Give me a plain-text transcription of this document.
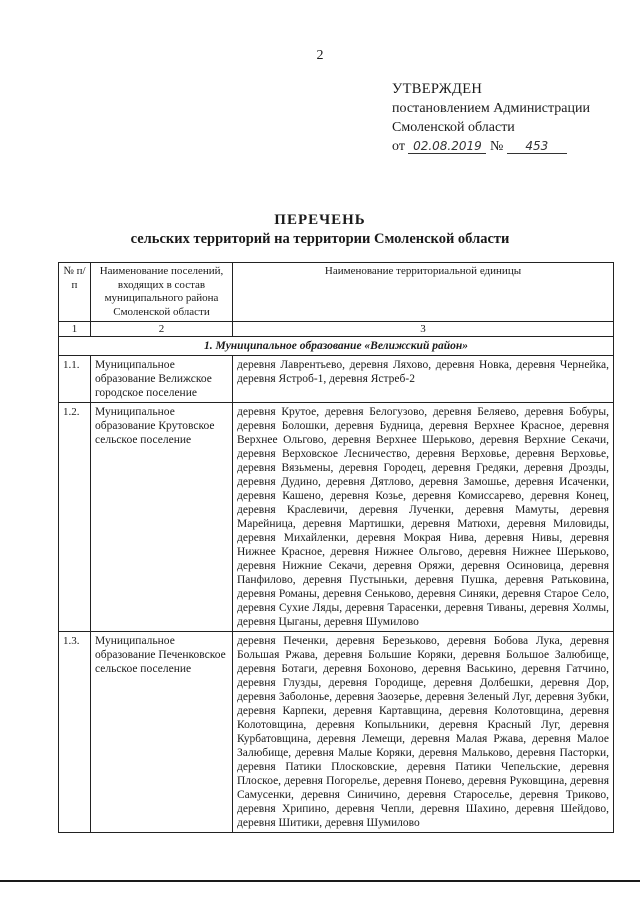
2
УТВЕРЖДЕН
постановлением Администрации
Смоленской области
от 02.08.2019 № 453
ПЕРЕЧЕНЬ
сельских территорий на территории Смоленской области
№ п/п	Наименование поселений, входящих в состав муниципального района Смоленской области	Наименование территориальной единицы
1	2	3
1. Муниципальное образование «Велижский район»		
1.1.	Муниципальное образование Велижское городское поселение	деревня Лаврентьево, деревня Ляхово, деревня Новка, деревня Чернейка, деревня Ястроб-1, деревня Ястреб-2
1.2.	Муниципальное образование Крутовское сельское поселение	деревня Крутое, деревня Белогузово, деревня Беляево, деревня Бобуры, деревня Болошки, деревня Будница, деревня Верхнее Красное, деревня Верхнее Ольгово, деревня Верхнее Шерьково, деревня Верхние Секачи, деревня Верховское Лесничество, деревня Верховье, деревня Верховье, деревня Вязьмены, деревня Городец, деревня Гредяки, деревня Дрозды, деревня Дудино, деревня Дятлово, деревня Замошье, деревня Исаченки, деревня Кашено, деревня Козье, деревня Комиссарево, деревня Конец, деревня Краслевичи, деревня Лученки, деревня Мамуты, деревня Марейница, деревня Мартишки, деревня Матюхи, деревня Миловиды, деревня Михайленки, деревня Мокрая Нива, деревня Нивы, деревня Нижнее Красное, деревня Нижнее Ольгово, деревня Нижнее Шерьково, деревня Нижние Секачи, деревня Оряжи, деревня Осиновица, деревня Панфилово, деревня Пустыньки, деревня Пушка, деревня Ратьковина, деревня Романы, деревня Сеньково, деревня Синяки, деревня Старое Село, деревня Сухие Ляды, деревня Тарасенки, деревня Тиваны, деревня Холмы, деревня Цыганы, деревня Шумилово
1.3.	Муниципальное образование Печенковское сельское поселение	деревня Печенки, деревня Березьково, деревня Бобова Лука, деревня Большая Ржава, деревня Большие Коряки, деревня Большое Залюбище, деревня Ботаги, деревня Бохоново, деревня Васькино, деревня Гатчино, деревня Глузды, деревня Городище, деревня Долбешки, деревня Дор, деревня Заболонье, деревня Заозерье, деревня Зеленый Луг, деревня Зубки, деревня Карпеки, деревня Картавщина, деревня Колотовщина, деревня Колотовщина, деревня Копыльники, деревня Красный Луг, деревня Курбатовщина, деревня Лемещи, деревня Малая Ржава, деревня Малое Залюбище, деревня Малые Коряки, деревня Мальково, деревня Пасторки, деревня Патики Плосковские, деревня Патики Чепельские, деревня Плоское, деревня Погорелье, деревня Понево, деревня Руковщина, деревня Самусенки, деревня Синичино, деревня Староселье, деревня Триково, деревня Хрипино, деревня Чепли, деревня Шахино, деревня Шейдово, деревня Шитики, деревня Шумилово
